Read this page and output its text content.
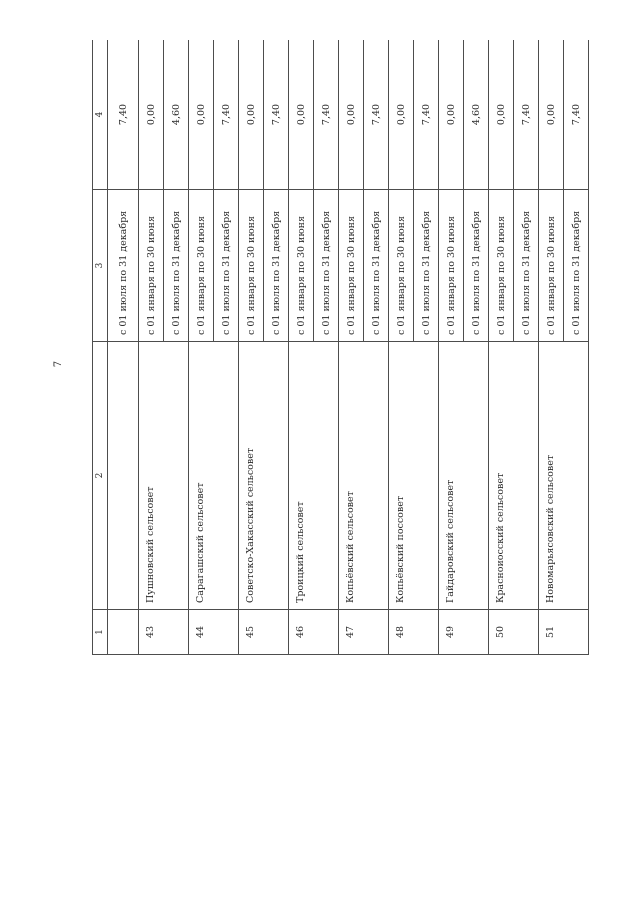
7
1	2	3	4
		с 01 июля по 31 декабря	7,40
43	Пушновский сельсовет	с 01 января по 30 июня	0,00
		с 01 июля по 31 декабря	4,60
44	Сарагашский сельсовет	с 01 января по 30 июня	0,00
		с 01 июля по 31 декабря	7,40
45	Советско-Хакасский сельсовет	с 01 января по 30 июня	0,00
		с 01 июля по 31 декабря	7,40
46	Троицкий сельсовет	с 01 января по 30 июня	0,00
		с 01 июля по 31 декабря	7,40
47	Копьёвский сельсовет	с 01 января по 30 июня	0,00
		с 01 июля по 31 декабря	7,40
48	Копьёвский поссовет	с 01 января по 30 июня	0,00
		с 01 июля по 31 декабря	7,40
49	Гайдаровский сельсовет	с 01 января по 30 июня	0,00
		с 01 июля по 31 декабря	4,60
50	Красноиосский сельсовет	с 01 января по 30 июня	0,00
		с 01 июля по 31 декабря	7,40
51	Новомарьясовский сельсовет	с 01 января по 30 июня	0,00
		с 01 июля по 31 декабря	7,40
